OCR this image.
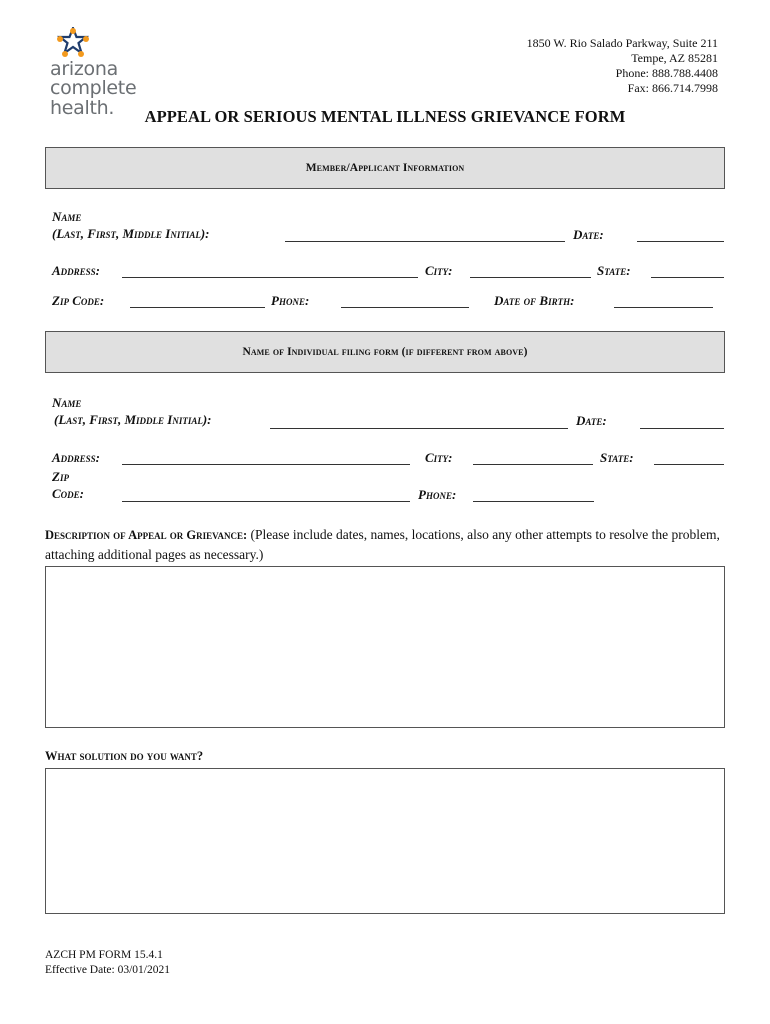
arizona
complete health.
1850 W. Rio Salado Parkway, Suite 211
Tempe, AZ 85281
Phone: 888.788.4408
Fax: 866.714.7998
APPEAL OR SERIOUS MENTAL ILLNESS GRIEVANCE FORM
Member/Applicant Information
Name
(Last, First, Middle Initial):	Date:
Address:	City:	State:
Zip Code:	Phone:	Date of Birth:
Name of Individual filing form (if different from above)
Name
(Last, First, Middle Initial):	Date:
Address:	City:	State:
Zip
Code:	Phone:
Description of Appeal or Grievance: (Please include dates, names, locations, also any other attempts to resolve the problem, attaching additional pages as necessary.)
What solution do you want?
AZCH PM FORM 15.4.1
Effective Date: 03/01/2021
